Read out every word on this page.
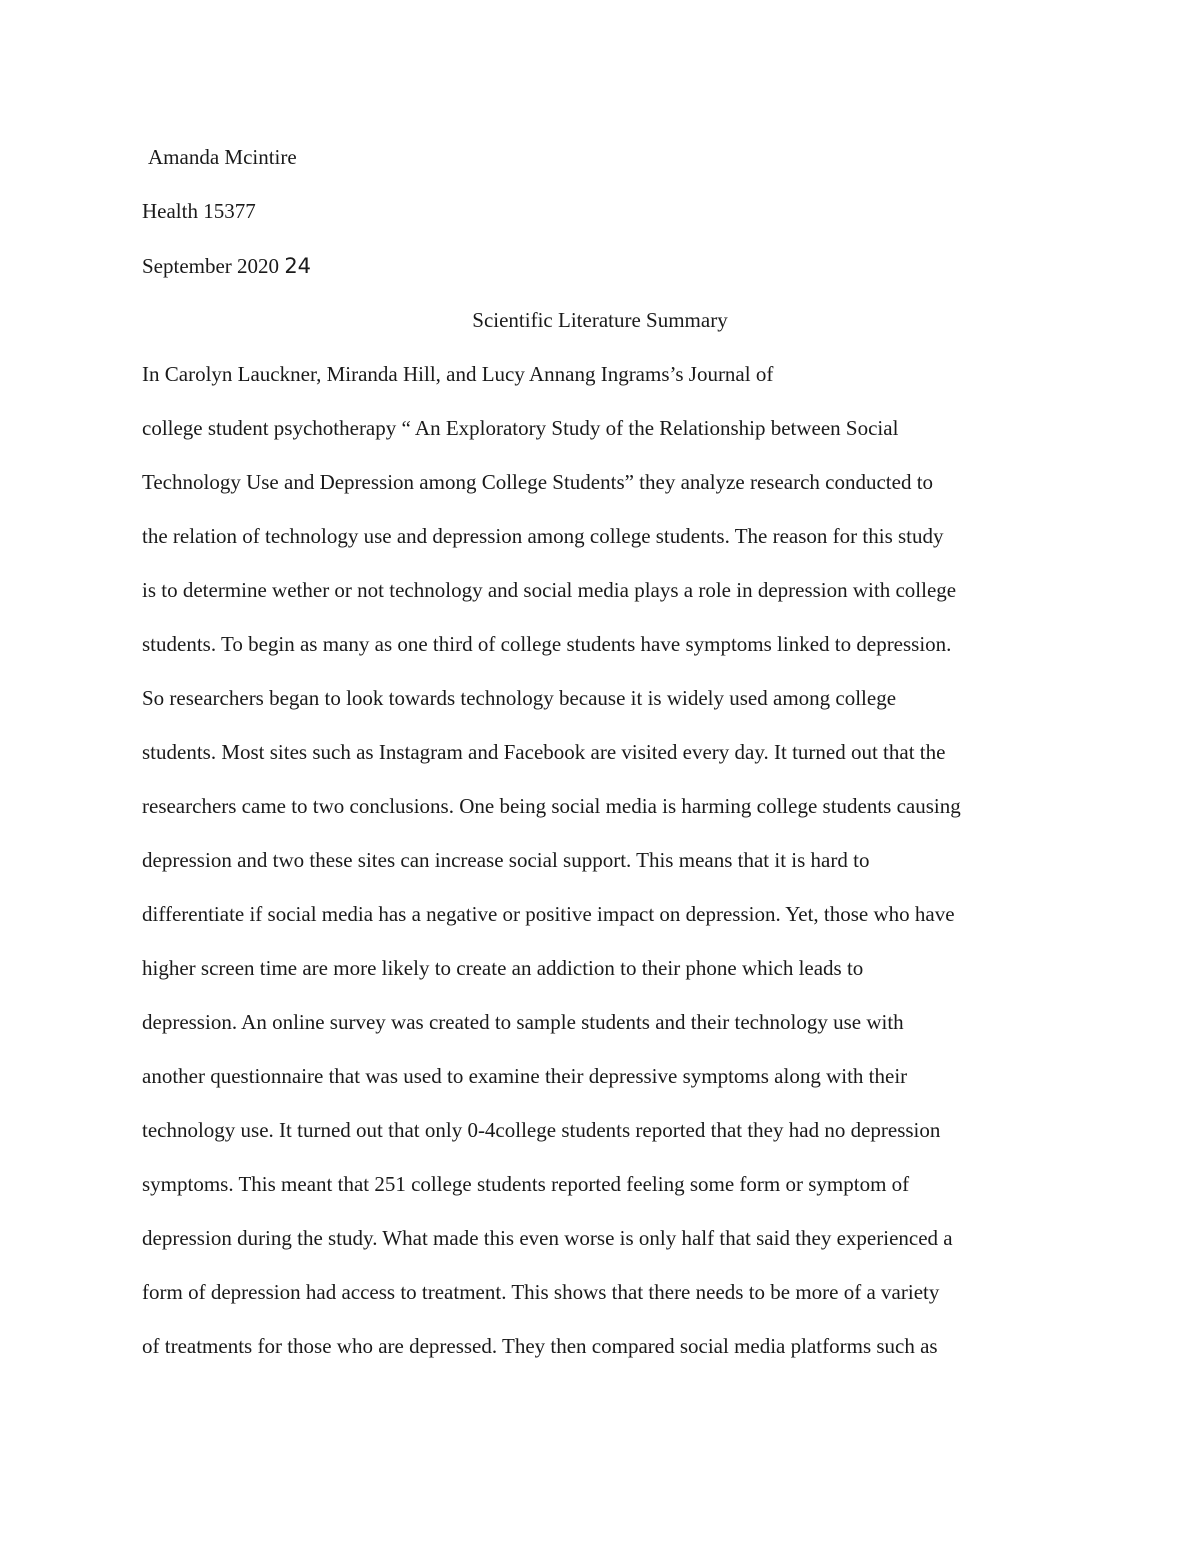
Amanda Mcintire

Health 15377

September 2020 24

Scientific Literature Summary

In Carolyn Lauckner, Miranda Hill, and Lucy Annang Ingrams’s Journal of

college student psychotherapy “ An Exploratory Study of the Relationship between Social

Technology Use and Depression among College Students” they analyze research conducted to

the relation of technology use and depression among college students. The reason for this study

is to determine wether or not technology and social media plays a role in depression with college

students. To begin as many as one third of college students have symptoms linked to depression.

So researchers began to look towards technology because it is widely used among college

students. Most sites such as Instagram and Facebook are visited every day. It turned out that the

researchers came to two conclusions. One being social media is harming college students causing

depression and two these sites can increase social support. This means that it is hard to

differentiate if social media has a negative or positive impact on depression. Yet, those who have

higher screen time are more likely to create an addiction to their phone which leads to

depression. An online survey was created to sample students and their technology use with

another questionnaire that was used to examine their depressive symptoms along with their

technology use. It turned out that only 0-4college students reported that they had no depression

symptoms. This meant that 251 college students reported feeling some form or symptom of

depression during the study. What made this even worse is only half that said they experienced a

form of depression had access to treatment. This shows that there needs to be more of a variety

of treatments for those who are depressed. They then compared social media platforms such as
